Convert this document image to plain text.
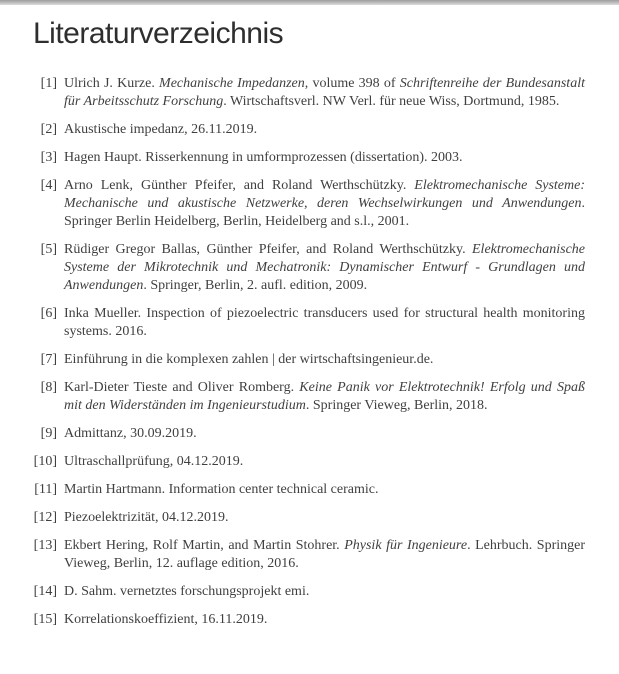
Literaturverzeichnis
[1] Ulrich J. Kurze. Mechanische Impedanzen, volume 398 of Schriftenreihe der Bundesanstalt für Arbeitsschutz Forschung. Wirtschaftsverl. NW Verl. für neue Wiss, Dortmund, 1985.
[2] Akustische impedanz, 26.11.2019.
[3] Hagen Haupt. Risserkennung in umformprozessen (dissertation). 2003.
[4] Arno Lenk, Günther Pfeifer, and Roland Werthschützky. Elektromechanische Systeme: Mechanische und akustische Netzwerke, deren Wechselwirkungen und Anwendungen. Springer Berlin Heidelberg, Berlin, Heidelberg and s.l., 2001.
[5] Rüdiger Gregor Ballas, Günther Pfeifer, and Roland Werthschützky. Elektromechanische Systeme der Mikrotechnik und Mechatronik: Dynamischer Entwurf - Grundlagen und Anwendungen. Springer, Berlin, 2. aufl. edition, 2009.
[6] Inka Mueller. Inspection of piezoelectric transducers used for structural health monitoring systems. 2016.
[7] Einführung in die komplexen zahlen | der wirtschaftsingenieur.de.
[8] Karl-Dieter Tieste and Oliver Romberg. Keine Panik vor Elektrotechnik! Erfolg und Spaß mit den Widerständen im Ingenieurstudium. Springer Vieweg, Berlin, 2018.
[9] Admittanz, 30.09.2019.
[10] Ultraschallprüfung, 04.12.2019.
[11] Martin Hartmann. Information center technical ceramic.
[12] Piezoelektrizität, 04.12.2019.
[13] Ekbert Hering, Rolf Martin, and Martin Stohrer. Physik für Ingenieure. Lehrbuch. Springer Vieweg, Berlin, 12. auflage edition, 2016.
[14] D. Sahm. vernetztes forschungsprojekt emi.
[15] Korrelationskoeffizient, 16.11.2019.
